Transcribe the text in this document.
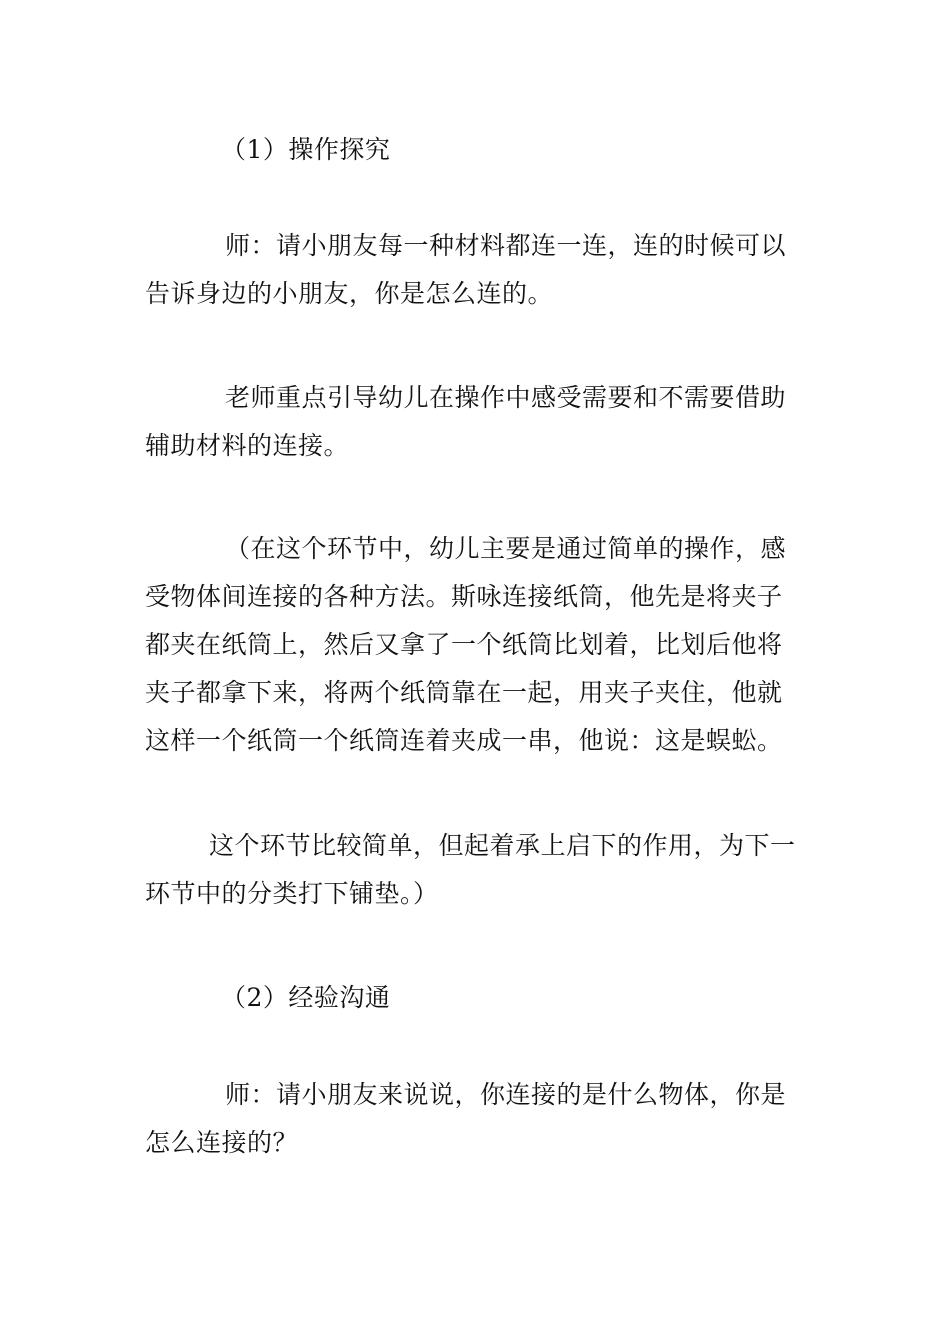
（1）操作探究

师：请小朋友每一种材料都连一连，连的时候可以
告诉身边的小朋友，你是怎么连的。

老师重点引导幼儿在操作中感受需要和不需要借助
辅助材料的连接。

（在这个环节中，幼儿主要是通过简单的操作，感
受物体间连接的各种方法。斯咏连接纸筒，他先是将夹子
都夹在纸筒上，然后又拿了一个纸筒比划着，比划后他将
夹子都拿下来，将两个纸筒靠在一起，用夹子夹住，他就
这样一个纸筒一个纸筒连着夹成一串，他说：这是蜈蚣。

这个环节比较简单，但起着承上启下的作用，为下一
环节中的分类打下铺垫。）

（2）经验沟通

师：请小朋友来说说，你连接的是什么物体，你是
怎么连接的？
